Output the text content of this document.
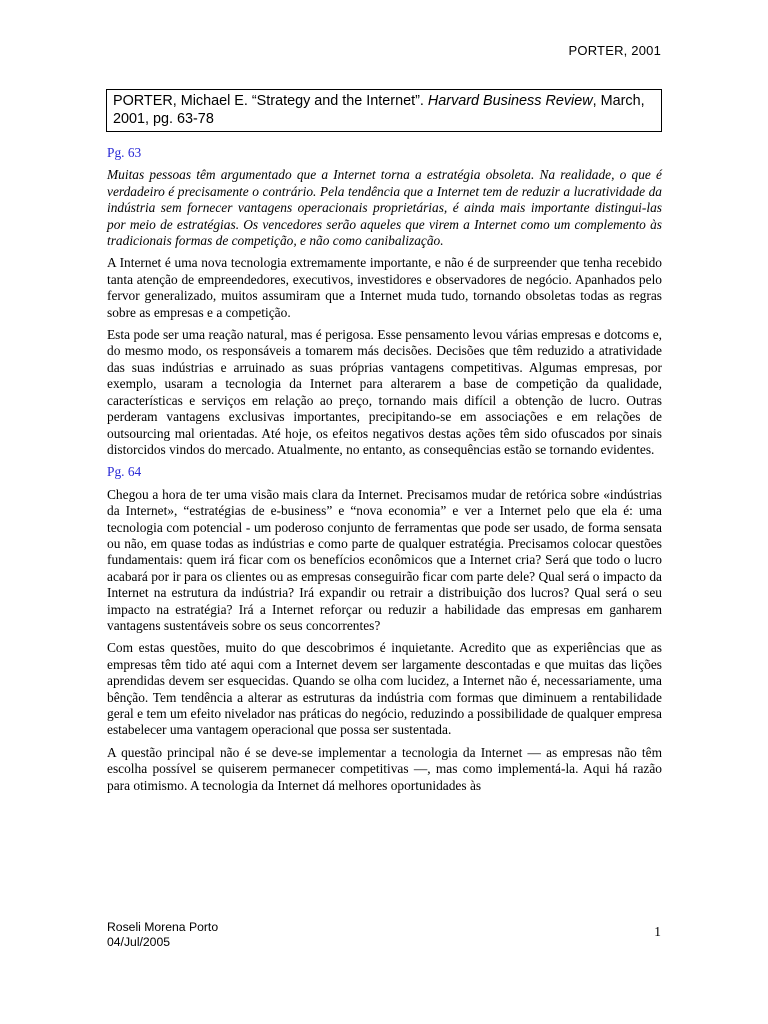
PORTER, 2001
PORTER, Michael E. “Strategy and the Internet”. Harvard Business Review, March, 2001, pg. 63-78

Pg. 63

Muitas pessoas têm argumentado que a Internet torna a estratégia obsoleta. Na realidade, o que é verdadeiro é precisamente o contrário. Pela tendência que a Internet tem de reduzir a lucratividade da indústria sem fornecer vantagens operacionais proprietárias, é ainda mais importante distingui-las por meio de estratégias. Os vencedores serão aqueles que virem a Internet como um complemento às tradicionais formas de competição, e não como canibalização.

A Internet é uma nova tecnologia extremamente importante, e não é de surpreender que tenha recebido tanta atenção de empreendedores, executivos, investidores e observadores de negócio. Apanhados pelo fervor generalizado, muitos assumiram que a Internet muda tudo, tornando obsoletas todas as regras sobre as empresas e a competição.

Esta pode ser uma reação natural, mas é perigosa. Esse pensamento levou várias empresas e dotcoms e, do mesmo modo, os responsáveis a tomarem más decisões. Decisões que têm reduzido a atratividade das suas indústrias e arruinado as suas próprias vantagens competitivas. Algumas empresas, por exemplo, usaram a tecnologia da Internet para alterarem a base de competição da qualidade, características e serviços em relação ao preço, tornando mais difícil a obtenção de lucro. Outras perderam vantagens exclusivas importantes, precipitando-se em associações e em relações de outsourcing mal orientadas. Até hoje, os efeitos negativos destas ações têm sido ofuscados por sinais distorcidos vindos do mercado. Atualmente, no entanto, as consequências estão se tornando evidentes.

Pg. 64

Chegou a hora de ter uma visão mais clara da Internet. Precisamos mudar de retórica sobre «indústrias da Internet», “estratégias de e-business” e “nova economia” e ver a Internet pelo que ela é: uma tecnologia com potencial - um poderoso conjunto de ferramentas que pode ser usado, de forma sensata ou não, em quase todas as indústrias e como parte de qualquer estratégia. Precisamos colocar questões fundamentais: quem irá ficar com os benefícios econômicos que a Internet cria? Será que todo o lucro acabará por ir para os clientes ou as empresas conseguirão ficar com parte dele? Qual será o impacto da Internet na estrutura da indústria? Irá expandir ou retrair a distribuição dos lucros? Qual será o seu impacto na estratégia? Irá a Internet reforçar ou reduzir a habilidade das empresas em ganharem vantagens sustentáveis sobre os seus concorrentes?

Com estas questões, muito do que descobrimos é inquietante. Acredito que as experiências que as empresas têm tido até aqui com a Internet devem ser largamente descontadas e que muitas das lições aprendidas devem ser esquecidas. Quando se olha com lucidez, a Internet não é, necessariamente, uma bênção. Tem tendência a alterar as estruturas da indústria com formas que diminuem a rentabilidade geral e tem um efeito nivelador nas práticas do negócio, reduzindo a possibilidade de qualquer empresa estabelecer uma vantagem operacional que possa ser sustentada.

A questão principal não é se deve-se implementar a tecnologia da Internet — as empresas não têm escolha possível se quiserem permanecer competitivas —, mas como implementá-la. Aqui há razão para otimismo. A tecnologia da Internet dá melhores oportunidades às

Roseli Morena Porto
04/Jul/2005
1
